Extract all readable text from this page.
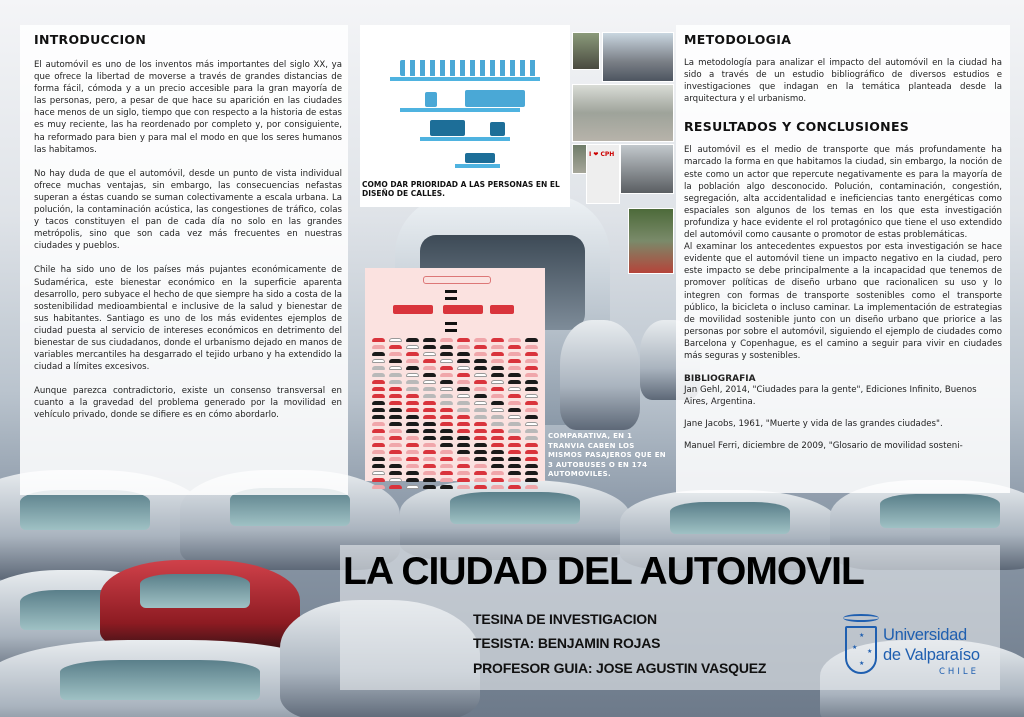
INTRODUCCION

El automóvil es uno de los inventos más importantes del siglo XX, ya que ofrece la libertad de moverse a través de grandes distancias de forma fácil, cómoda y a un precio accesible para la gran mayoría de las personas, pero, a pesar de que hace su aparición en las ciudades hace menos de un siglo, tiempo que con respecto a la historia de estas es muy reciente, las ha reordenado por completo y, por consiguiente, ha reformado para bien y para mal el modo en que los seres humanos las habitamos.

No hay duda de que el automóvil, desde un punto de vista individual ofrece muchas ventajas, sin embargo, las consecuencias nefastas superan a éstas cuando se suman colectivamente a escala urbana. La polución, la contaminación acústica, las congestiones de tráfico, colas y tacos constituyen el pan de cada día no solo en las grandes metrópolis, sino que son cada vez más frecuentes en nuestras ciudades y pueblos.

Chile ha sido uno de los países más pujantes económicamente de Sudamérica, este bienestar económico en la superficie aparenta desarrollo, pero subyace el hecho de que siempre ha sido a costa de la sostenibilidad medioambiental e inclusive de la salud y bienestar de sus habitantes. Santiago es uno de los más evidentes ejemplos de ciudad puesta al servicio de intereses económicos en detrimento del bienestar de sus ciudadanos, donde el urbanismo dejado en manos de variables mercantiles ha desgarrado el tejido urbano y ha extendido la ciudad a límites excesivos.

Aunque parezca contradictorio, existe un consenso transversal en cuanto a la gravedad del problema generado por la movilidad en vehículo privado, donde se difiere es en cómo abordarlo.

COMO DAR PRIORIDAD A LAS PERSONAS EN EL DISEÑO DE CALLES.
I ❤ CPH
COMPARATIVA, EN 1 TRANVIA CABEN LOS MISMOS PASAJEROS QUE EN 3 AUTOBUSES O EN 174 AUTOMOVILES.
METODOLOGIA

La metodología para analizar el impacto del automóvil en la ciudad ha sido a través de un estudio bibliográfico de diversos estudios e investigaciones que indagan en la temática planteada desde la arquitectura y el urbanismo.

RESULTADOS Y CONCLUSIONES

El automóvil es el medio de transporte que más profundamente ha marcado la forma en que habitamos la ciudad, sin embargo, la noción de este como un actor que repercute negativamente es para la mayoría de la población algo desconocido. Polución, contaminación, congestión, segregación, alta accidentalidad e ineficiencias tanto energéticas como espaciales son algunos de los temas en los que esta investigación profundiza y hace evidente el rol protagónico que tiene el uso extendido del automóvil como causante o promotor de estas problemáticas.

Al examinar los antecedentes expuestos por esta investigación se hace evidente que el automóvil tiene un impacto negativo en la ciudad, pero este impacto se debe principalmente a la incapacidad que tenemos de promover políticas de diseño urbano que racionalicen su uso y lo integren con formas de transporte sostenibles como el transporte público, la bicicleta o incluso caminar. La implementación de estrategias de movilidad sostenible junto con un diseño urbano que priorice a las personas por sobre el automóvil, siguiendo el ejemplo de ciudades como Barcelona y Copenhague, es el camino a seguir para vivir en ciudades más seguras y sostenibles.

BIBLIOGRAFIA

Jan Gehl, 2014, "Ciudades para la gente", Ediciones Infinito, Buenos Aires, Argentina.

Jane Jacobs, 1961, "Muerte y vida de las grandes ciudades".

Manuel Ferri, diciembre de 2009, "Glosario de movilidad sosteni-

LA CIUDAD DEL AUTOMOVIL
TESINA DE INVESTIGACION
TESISTA: BENJAMIN ROJAS
PROFESOR GUIA: JOSE AGUSTIN VASQUEZ
★
★
★
★
Universidad
de Valparaíso
CHILE
